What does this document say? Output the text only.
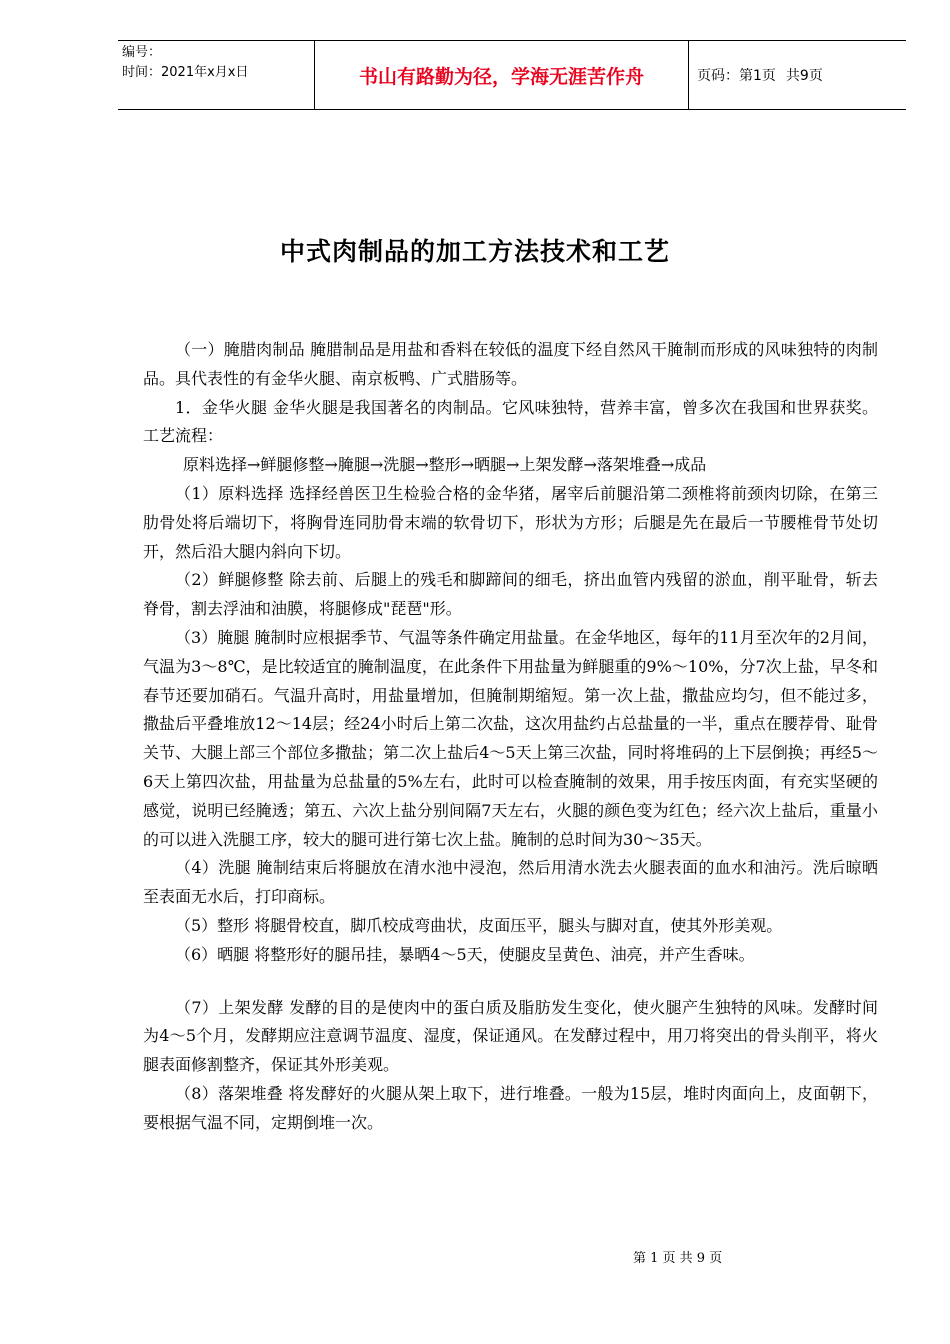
编号：
时间：2021年x月x日	书山有路勤为径，学海无涯苦作舟	页码：第1页 共9页
中式肉制品的加工方法技术和工艺

（一）腌腊肉制品 腌腊制品是用盐和香料在较低的温度下经自然风干腌制而形成的风味独特的肉制品。具代表性的有金华火腿、南京板鸭、广式腊肠等。

1．金华火腿 金华火腿是我国著名的肉制品。它风味独特，营养丰富，曾多次在我国和世界获奖。工艺流程：

原料选择→鲜腿修整→腌腿→洗腿→整形→晒腿→上架发酵→落架堆叠→成品

（1）原料选择 选择经兽医卫生检验合格的金华猪，屠宰后前腿沿第二颈椎将前颈肉切除，在第三肋骨处将后端切下，将胸骨连同肋骨末端的软骨切下，形状为方形；后腿是先在最后一节腰椎骨节处切开，然后沿大腿内斜向下切。

（2）鲜腿修整 除去前、后腿上的残毛和脚蹄间的细毛，挤出血管内残留的淤血，削平耻骨，斩去脊骨，割去浮油和油膜，将腿修成"琵琶"形。

（3）腌腿 腌制时应根据季节、气温等条件确定用盐量。在金华地区，每年的11月至次年的2月间，气温为3～8℃，是比较适宜的腌制温度，在此条件下用盐量为鲜腿重的9%～10%，分7次上盐，早冬和春节还要加硝石。气温升高时，用盐量增加，但腌制期缩短。第一次上盐，撒盐应均匀，但不能过多，撒盐后平叠堆放12～14层；经24小时后上第二次盐，这次用盐约占总盐量的一半，重点在腰荐骨、耻骨关节、大腿上部三个部位多撒盐；第二次上盐后4～5天上第三次盐，同时将堆码的上下层倒换；再经5～6天上第四次盐，用盐量为总盐量的5%左右，此时可以检查腌制的效果，用手按压肉面，有充实坚硬的感觉，说明已经腌透；第五、六次上盐分别间隔7天左右，火腿的颜色变为红色；经六次上盐后，重量小的可以进入洗腿工序，较大的腿可进行第七次上盐。腌制的总时间为30～35天。

（4）洗腿 腌制结束后将腿放在清水池中浸泡，然后用清水洗去火腿表面的血水和油污。洗后晾晒至表面无水后，打印商标。

（5）整形 将腿骨校直，脚爪校成弯曲状，皮面压平，腿头与脚对直，使其外形美观。

（6）晒腿 将整形好的腿吊挂，暴晒4～5天，使腿皮呈黄色、油亮，并产生香味。

（7）上架发酵 发酵的目的是使肉中的蛋白质及脂肪发生变化，使火腿产生独特的风味。发酵时间为4～5个月，发酵期应注意调节温度、湿度，保证通风。在发酵过程中，用刀将突出的骨头削平，将火腿表面修割整齐，保证其外形美观。

（8）落架堆叠 将发酵好的火腿从架上取下，进行堆叠。一般为15层，堆时肉面向上，皮面朝下，要根据气温不同，定期倒堆一次。

第 1 页 共 9 页
